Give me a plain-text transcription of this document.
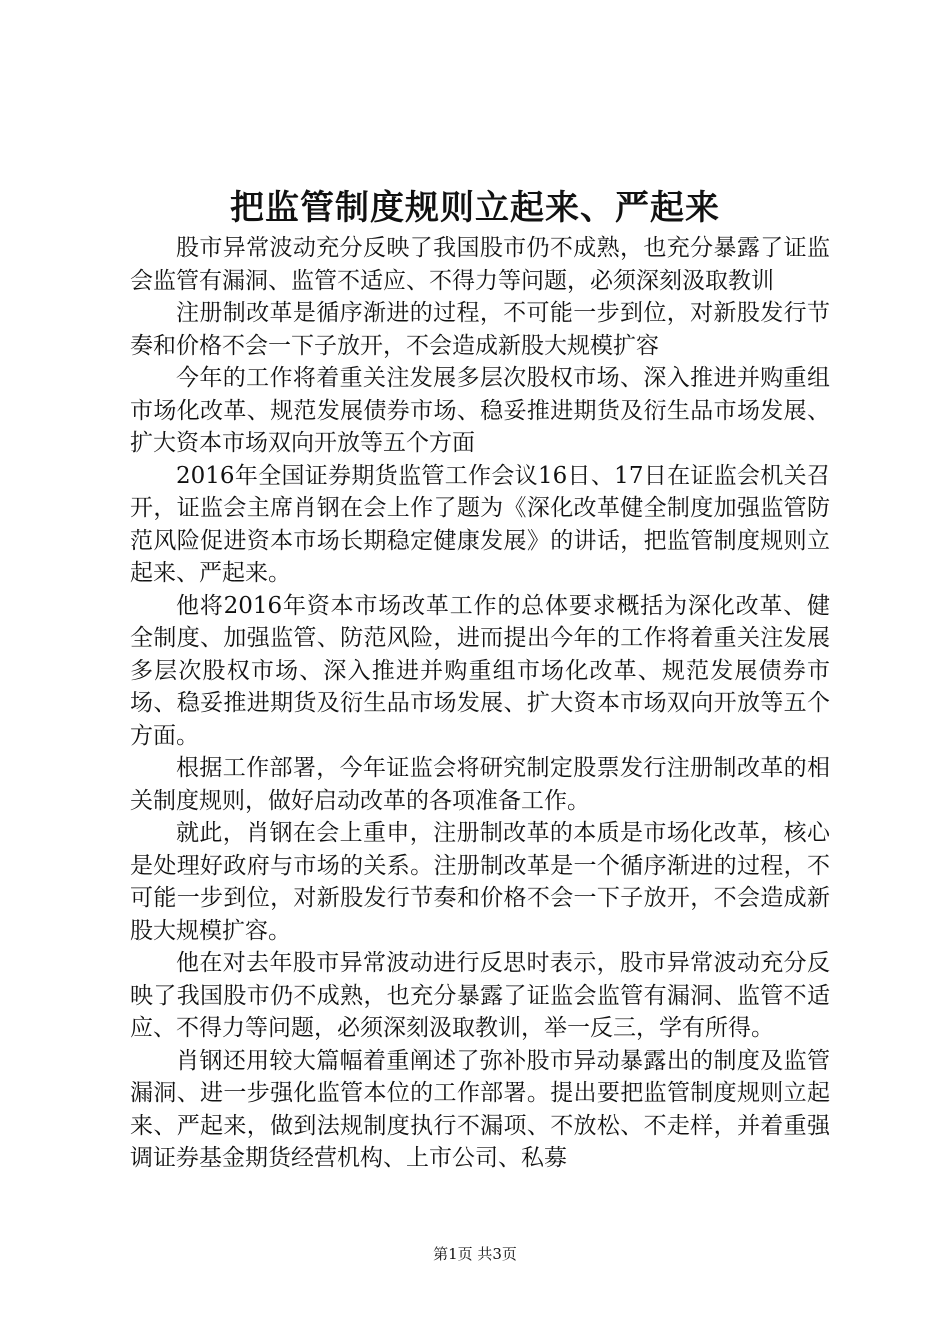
把监管制度规则立起来、严起来

股市异常波动充分反映了我国股市仍不成熟，也充分暴露了证监会监管有漏洞、监管不适应、不得力等问题，必须深刻汲取教训

注册制改革是循序渐进的过程，不可能一步到位，对新股发行节奏和价格不会一下子放开，不会造成新股大规模扩容

今年的工作将着重关注发展多层次股权市场、深入推进并购重组市场化改革、规范发展债券市场、稳妥推进期货及衍生品市场发展、扩大资本市场双向开放等五个方面

2016年全国证券期货监管工作会议16日、17日在证监会机关召开，证监会主席肖钢在会上作了题为《深化改革健全制度加强监管防范风险促进资本市场长期稳定健康发展》的讲话，把监管制度规则立起来、严起来。

他将2016年资本市场改革工作的总体要求概括为深化改革、健全制度、加强监管、防范风险，进而提出今年的工作将着重关注发展多层次股权市场、深入推进并购重组市场化改革、规范发展债券市场、稳妥推进期货及衍生品市场发展、扩大资本市场双向开放等五个方面。

根据工作部署，今年证监会将研究制定股票发行注册制改革的相关制度规则，做好启动改革的各项准备工作。

就此，肖钢在会上重申，注册制改革的本质是市场化改革，核心是处理好政府与市场的关系。注册制改革是一个循序渐进的过程，不可能一步到位，对新股发行节奏和价格不会一下子放开，不会造成新股大规模扩容。

他在对去年股市异常波动进行反思时表示，股市异常波动充分反映了我国股市仍不成熟，也充分暴露了证监会监管有漏洞、监管不适应、不得力等问题，必须深刻汲取教训，举一反三，学有所得。

肖钢还用较大篇幅着重阐述了弥补股市异动暴露出的制度及监管漏洞、进一步强化监管本位的工作部署。提出要把监管制度规则立起来、严起来，做到法规制度执行不漏项、不放松、不走样，并着重强调证券基金期货经营机构、上市公司、私募

第1页 共3页
